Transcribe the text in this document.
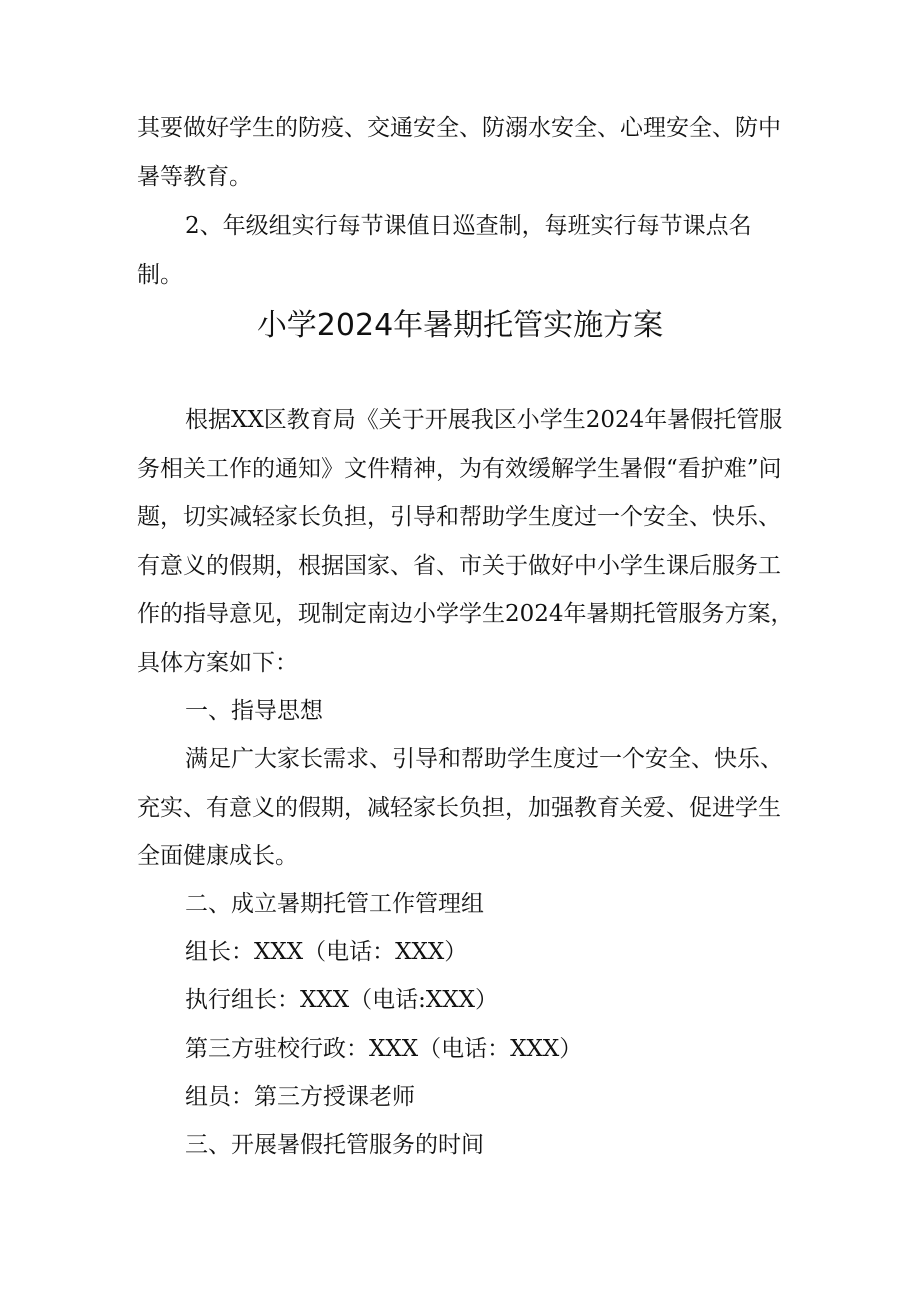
其要做好学生的防疫、交通安全、防溺水安全、心理安全、防中暑等教育。

2、年级组实行每节课值日巡查制，每班实行每节课点名制。

小学2024年暑期托管实施方案

根据XX区教育局《关于开展我区小学生2024年暑假托管服务相关工作的通知》文件精神，为有效缓解学生暑假“看护难”问题，切实减轻家长负担，引导和帮助学生度过一个安全、快乐、有意义的假期，根据国家、省、市关于做好中小学生课后服务工作的指导意见，现制定南边小学学生2024年暑期托管服务方案，具体方案如下：

一、指导思想

满足广大家长需求、引导和帮助学生度过一个安全、快乐、充实、有意义的假期，减轻家长负担，加强教育关爱、促进学生全面健康成长。

二、成立暑期托管工作管理组

组长：XXX（电话：XXX）

执行组长：XXX（电话:XXX）

第三方驻校行政：XXX（电话：XXX）

组员：第三方授课老师

三、开展暑假托管服务的时间
